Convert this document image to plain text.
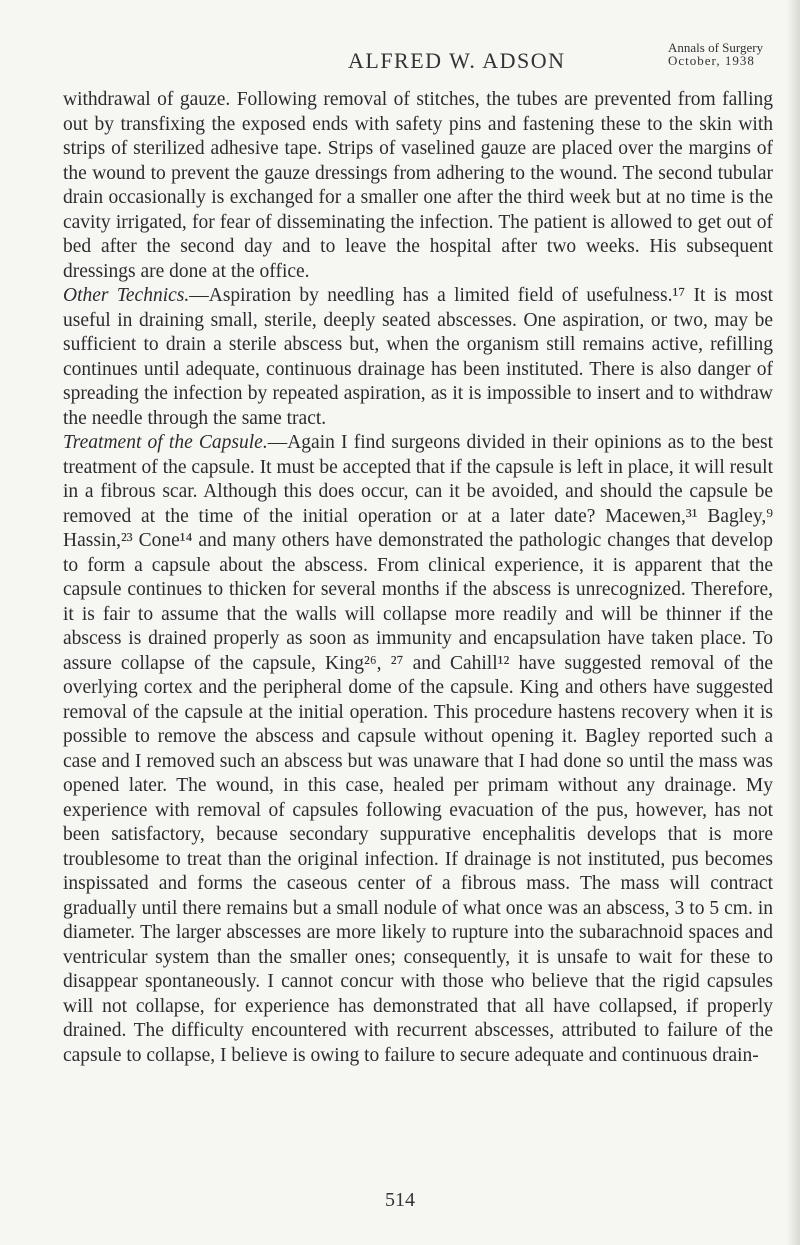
ALFRED W. ADSON
Annals of Surgery
October, 1938

withdrawal of gauze. Following removal of stitches, the tubes are prevented from falling out by transfixing the exposed ends with safety pins and fastening these to the skin with strips of sterilized adhesive tape. Strips of vaselined gauze are placed over the margins of the wound to prevent the gauze dressings from adhering to the wound. The second tubular drain occasionally is exchanged for a smaller one after the third week but at no time is the cavity irrigated, for fear of disseminating the infection. The patient is allowed to get out of bed after the second day and to leave the hospital after two weeks. His subsequent dressings are done at the office.

Other Technics.—Aspiration by needling has a limited field of usefulness.¹⁷ It is most useful in draining small, sterile, deeply seated abscesses. One aspiration, or two, may be sufficient to drain a sterile abscess but, when the organism still remains active, refilling continues until adequate, continuous drainage has been instituted. There is also danger of spreading the infection by repeated aspiration, as it is impossible to insert and to withdraw the needle through the same tract.

Treatment of the Capsule.—Again I find surgeons divided in their opinions as to the best treatment of the capsule. It must be accepted that if the capsule is left in place, it will result in a fibrous scar. Although this does occur, can it be avoided, and should the capsule be removed at the time of the initial operation or at a later date? Macewen,³¹ Bagley,⁹ Hassin,²³ Cone¹⁴ and many others have demonstrated the pathologic changes that develop to form a capsule about the abscess. From clinical experience, it is apparent that the capsule continues to thicken for several months if the abscess is unrecognized. Therefore, it is fair to assume that the walls will collapse more readily and will be thinner if the abscess is drained properly as soon as immunity and encapsulation have taken place. To assure collapse of the capsule, King²⁶, ²⁷ and Cahill¹² have suggested removal of the overlying cortex and the peripheral dome of the capsule. King and others have suggested removal of the capsule at the initial operation. This procedure hastens recovery when it is possible to remove the abscess and capsule without opening it. Bagley reported such a case and I removed such an abscess but was unaware that I had done so until the mass was opened later. The wound, in this case, healed per primam without any drainage. My experience with removal of capsules following evacuation of the pus, however, has not been satisfactory, because secondary suppurative encephalitis develops that is more troublesome to treat than the original infection. If drainage is not instituted, pus becomes inspissated and forms the caseous center of a fibrous mass. The mass will contract gradually until there remains but a small nodule of what once was an abscess, 3 to 5 cm. in diameter. The larger abscesses are more likely to rupture into the subarachnoid spaces and ventricular system than the smaller ones; consequently, it is unsafe to wait for these to disappear spontaneously. I cannot concur with those who believe that the rigid capsules will not collapse, for experience has demonstrated that all have collapsed, if properly drained. The difficulty encountered with recurrent abscesses, attributed to failure of the capsule to collapse, I believe is owing to failure to secure adequate and continuous drain-

514
